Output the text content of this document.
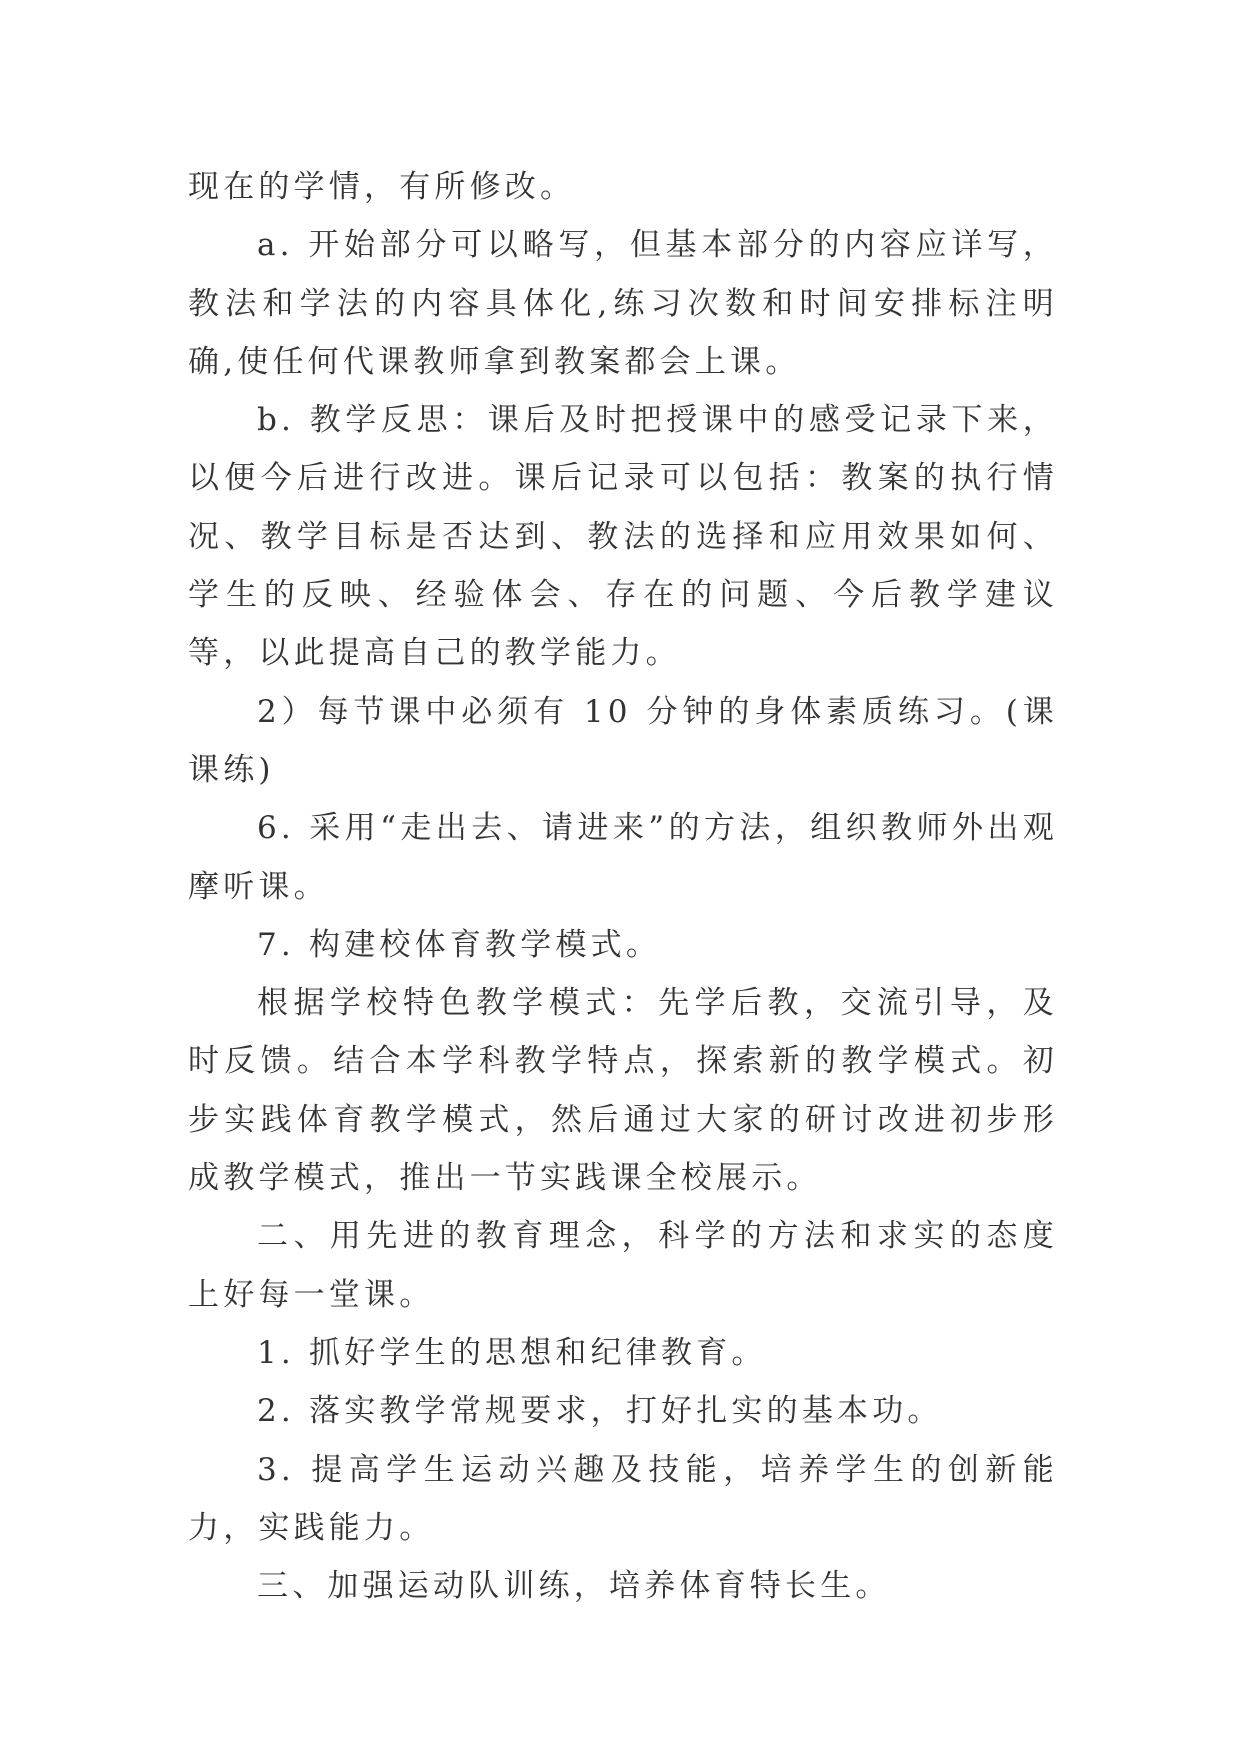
现在的学情，有所修改。

a. 开始部分可以略写，但基本部分的内容应详写，教法和学法的内容具体化,练习次数和时间安排标注明确,使任何代课教师拿到教案都会上课。

b. 教学反思：课后及时把授课中的感受记录下来，以便今后进行改进。课后记录可以包括：教案的执行情况、教学目标是否达到、教法的选择和应用效果如何、学生的反映、经验体会、存在的问题、今后教学建议等，以此提高自己的教学能力。

2）每节课中必须有 10 分钟的身体素质练习。(课课练)

6. 采用“走出去、请进来”的方法，组织教师外出观摩听课。

7. 构建校体育教学模式。

根据学校特色教学模式：先学后教，交流引导，及时反馈。结合本学科教学特点，探索新的教学模式。初步实践体育教学模式，然后通过大家的研讨改进初步形成教学模式，推出一节实践课全校展示。

二、用先进的教育理念，科学的方法和求实的态度上好每一堂课。

1. 抓好学生的思想和纪律教育。

2. 落实教学常规要求，打好扎实的基本功。

3. 提高学生运动兴趣及技能，培养学生的创新能力，实践能力。

三、加强运动队训练，培养体育特长生。
